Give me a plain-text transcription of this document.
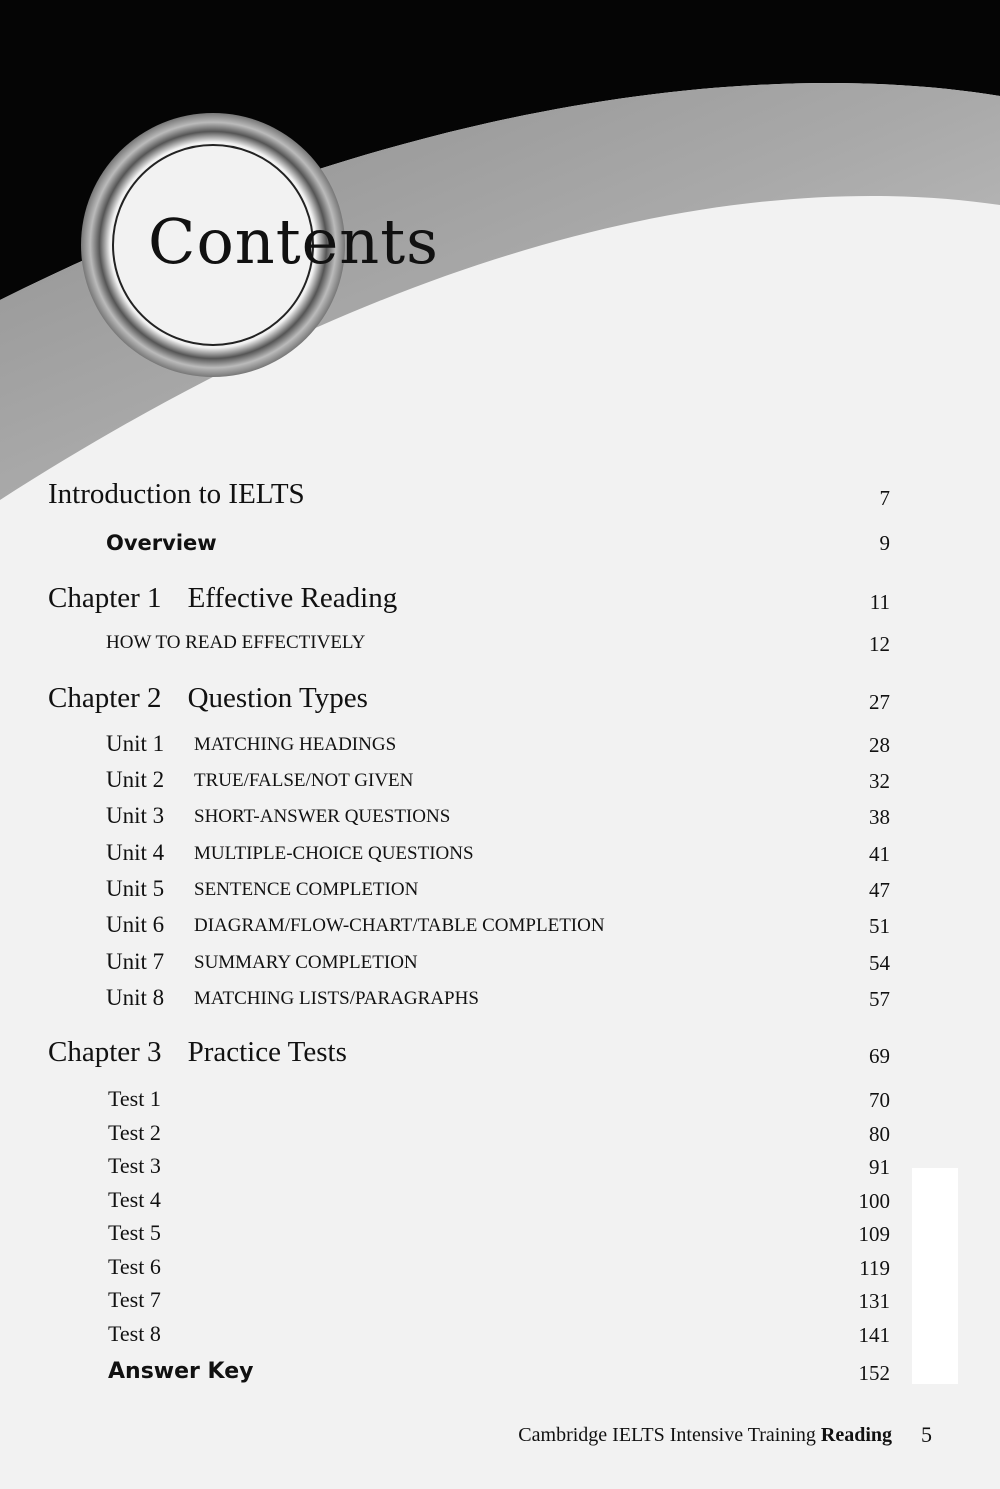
Contents
Introduction to IELTS	7
Overview	9
Chapter 1 Effective Reading	11
HOW TO READ EFFECTIVELY	12
Chapter 2 Question Types	27
Unit 1 MATCHING HEADINGS	28
Unit 2 TRUE/FALSE/NOT GIVEN	32
Unit 3 SHORT-ANSWER QUESTIONS	38
Unit 4 MULTIPLE-CHOICE QUESTIONS	41
Unit 5 SENTENCE COMPLETION	47
Unit 6 DIAGRAM/FLOW-CHART/TABLE COMPLETION	51
Unit 7 SUMMARY COMPLETION	54
Unit 8 MATCHING LISTS/PARAGRAPHS	57
Chapter 3 Practice Tests	69
Test 1	70
Test 2	80
Test 3	91
Test 4	100
Test 5	109
Test 6	119
Test 7	131
Test 8	141
Answer Key	152
Cambridge IELTS Intensive Training Reading 5
